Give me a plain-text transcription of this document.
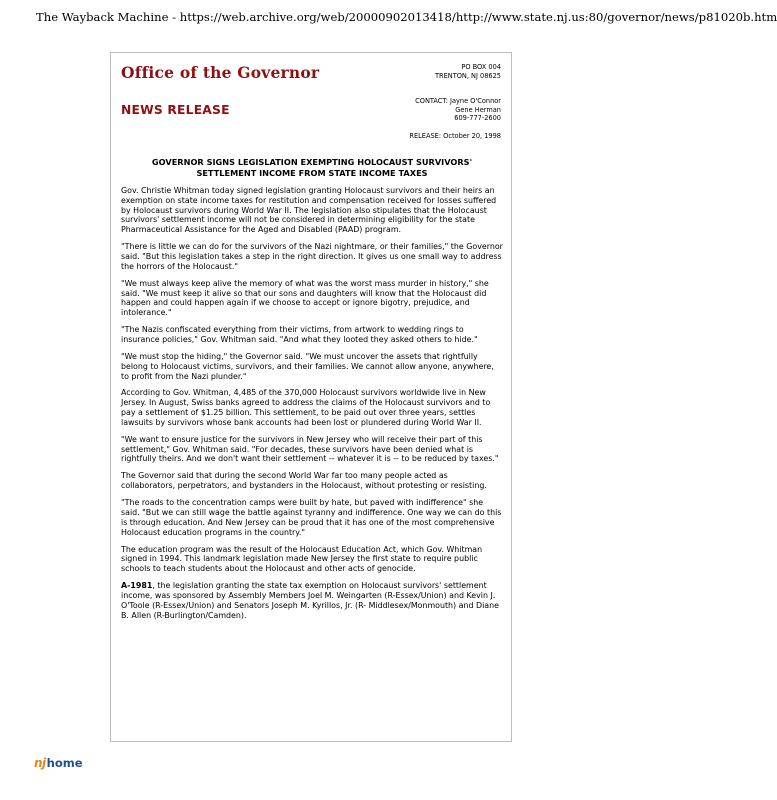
The Wayback Machine - https://web.archive.org/web/20000902013418/http://www.state.nj.us:80/governor/news/p81020b.htm
Office of the Governor
NEWS RELEASE
PO BOX 004
TRENTON, NJ 08625
CONTACT: Jayne O'Connor
Gene Herman
609-777-2600
RELEASE: October 20, 1998
GOVERNOR SIGNS LEGISLATION EXEMPTING HOLOCAUST SURVIVORS'
SETTLEMENT INCOME FROM STATE INCOME TAXES

Gov. Christie Whitman today signed legislation granting Holocaust survivors and their heirs an exemption on state income taxes for restitution and compensation received for losses suffered by Holocaust survivors during World War II. The legislation also stipulates that the Holocaust survivors' settlement income will not be considered in determining eligibility for the state Pharmaceutical Assistance for the Aged and Disabled (PAAD) program.

"There is little we can do for the survivors of the Nazi nightmare, or their families," the Governor said. "But this legislation takes a step in the right direction. It gives us one small way to address the horrors of the Holocaust."

"We must always keep alive the memory of what was the worst mass murder in history," she said. "We must keep it alive so that our sons and daughters will know that the Holocaust did happen and could happen again if we choose to accept or ignore bigotry, prejudice, and intolerance."

"The Nazis confiscated everything from their victims, from artwork to wedding rings to insurance policies," Gov. Whitman said. "And what they looted they asked others to hide."

"We must stop the hiding," the Governor said. "We must uncover the assets that rightfully belong to Holocaust victims, survivors, and their families. We cannot allow anyone, anywhere, to profit from the Nazi plunder."

According to Gov. Whitman, 4,485 of the 370,000 Holocaust survivors worldwide live in New Jersey. In August, Swiss banks agreed to address the claims of the Holocaust survivors and to pay a settlement of $1.25 billion. This settlement, to be paid out over three years, settles lawsuits by survivors whose bank accounts had been lost or plundered during World War II.

"We want to ensure justice for the survivors in New Jersey who will receive their part of this settlement," Gov. Whitman said. "For decades, these survivors have been denied what is rightfully theirs. And we don't want their settlement -- whatever it is -- to be reduced by taxes."

The Governor said that during the second World War far too many people acted as collaborators, perpetrators, and bystanders in the Holocaust, without protesting or resisting.

"The roads to the concentration camps were built by hate, but paved with indifference" she said. "But we can still wage the battle against tyranny and indifference. One way we can do this is through education. And New Jersey can be proud that it has one of the most comprehensive Holocaust education programs in the country."

The education program was the result of the Holocaust Education Act, which Gov. Whitman signed in 1994. This landmark legislation made New Jersey the first state to require public schools to teach students about the Holocaust and other acts of genocide.

A-1981, the legislation granting the state tax exemption on Holocaust survivors' settlement income, was sponsored by Assembly Members Joel M. Weingarten (R-Essex/Union) and Kevin J. O'Toole (R-Essex/Union) and Senators Joseph M. Kyrillos, Jr. (R- Middlesex/Monmouth) and Diane B. Allen (R-Burlington/Camden).

nj home
